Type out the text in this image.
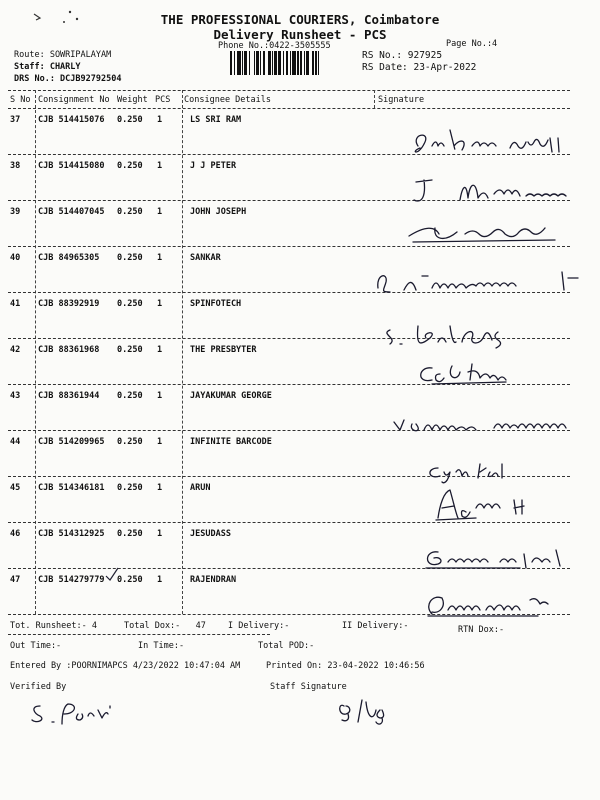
THE PROFESSIONAL COURIERS, Coimbatore
Delivery Runsheet - PCS
Phone No.:0422-3505555	Page No.:4
Route: SOWRIPALAYAM
Staff: CHARLY
DRS No.: DCJB92792504
RS No.: 927925
RS Date: 23-Apr-2022
S No Consignment No Weight PCS Consignee Details	Signature
37 CJB 514415076 0.250 1	LS SRI RAM
38 CJB 514415080 0.250 1	J J PETER
39 CJB 514407045 0.250 1	JOHN JOSEPH
40 CJB 84965305 0.250 1	SANKAR
41 CJB 88392919 0.250 1	SPINFOTECH
42 CJB 88361968 0.250 1	THE PRESBYTER
43 CJB 88361944 0.250 1	JAYAKUMAR GEORGE
44 CJB 514209965 0.250 1	INFINITE BARCODE
45 CJB 514346181 0.250 1	ARUN
46 CJB 514312925 0.250 1	JESUDASS
47 CJB 514279779 0.250 1	RAJENDRAN
Tot. Runsheet:- 4	Total Dox:-   47	I Delivery:-	II Delivery:-	RTN Dox:-
Out Time:-	In Time:-	Total POD:-
Entered By :POORNIMAPCS 4/23/2022 10:47:04 AM	Printed On: 23-04-2022 10:46:56
Verified By	Staff Signature
